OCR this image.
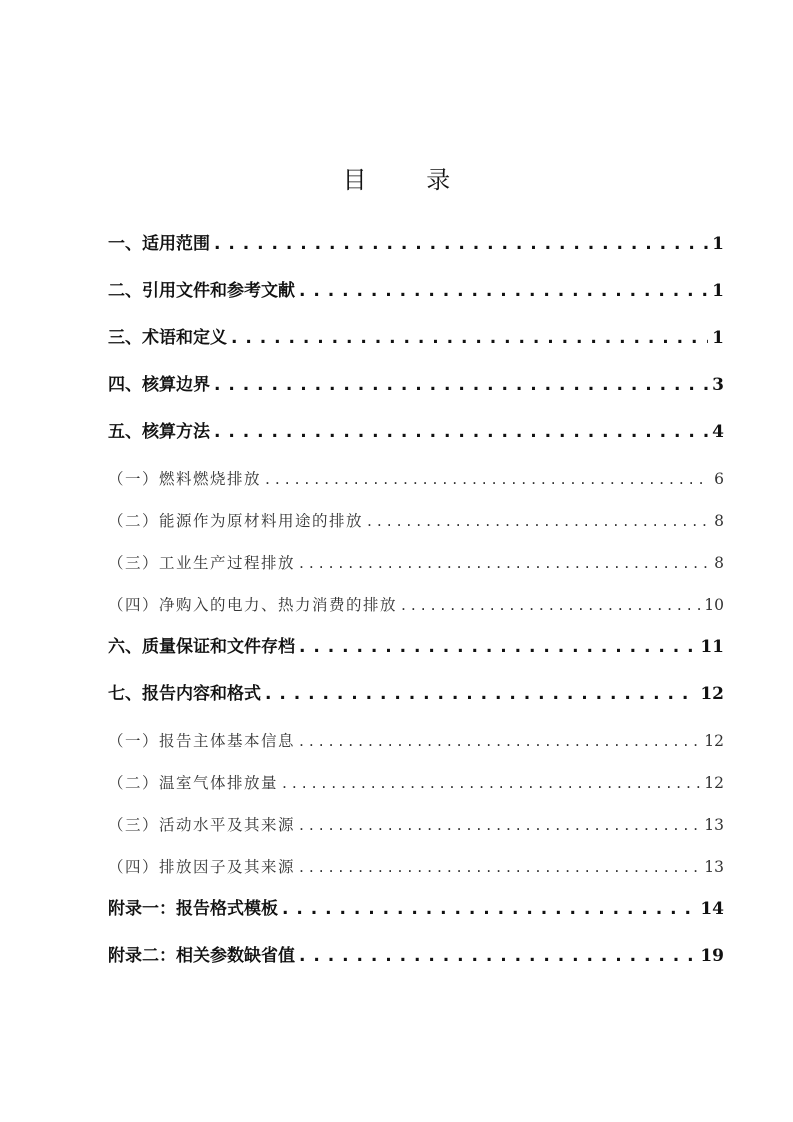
目 录
一、适用范围 . . .	1
二、引用文件和参考文献 . . .	1
三、术语和定义 . . .	1
四、核算边界 . . .	3
五、核算方法 . . .	4
（一）燃料燃烧排放 . . .	6
（二）能源作为原材料用途的排放 . . .	8
（三）工业生产过程排放 . . .	8
（四）净购入的电力、热力消费的排放 . . .	10
六、质量保证和文件存档 . . .	11
七、报告内容和格式 . . .	12
（一）报告主体基本信息 . . .	12
（二）温室气体排放量 . . .	12
（三）活动水平及其来源 . . .	13
（四）排放因子及其来源 . . .	13
附录一：报告格式模板 . . .	14
附录二：相关参数缺省值 . . .	19
